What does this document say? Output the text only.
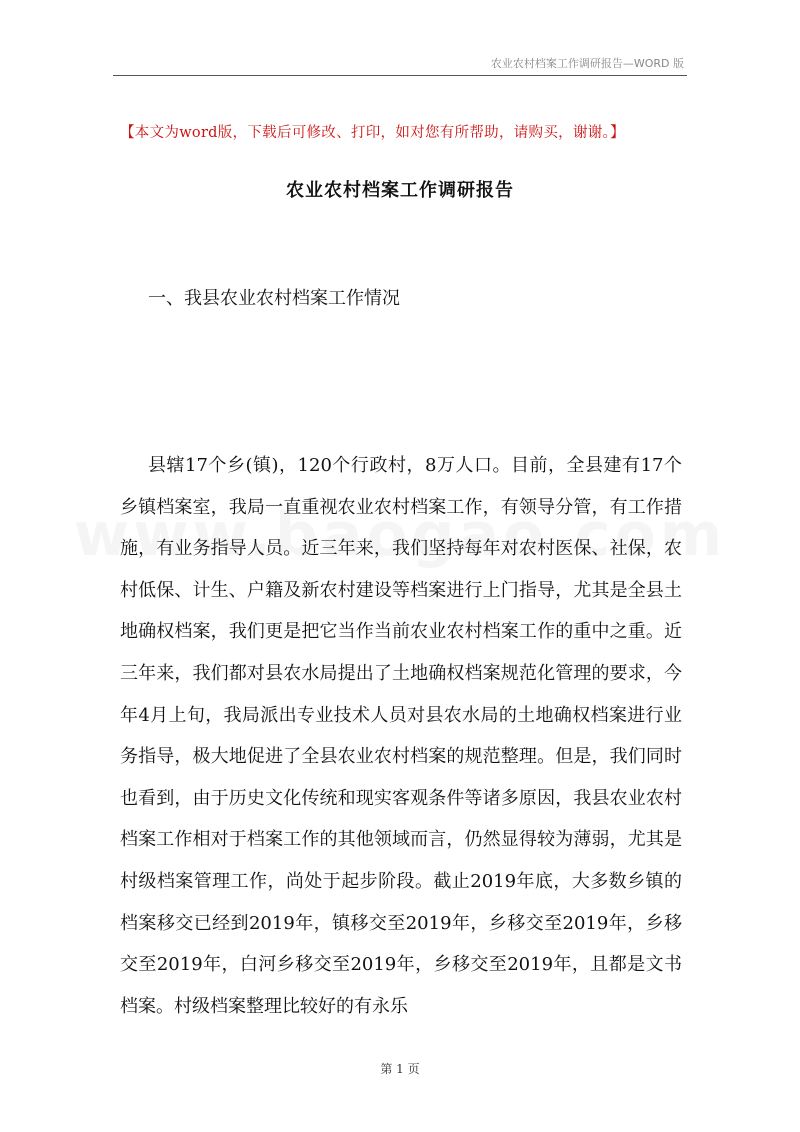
农业农村档案工作调研报告—WORD 版
【本文为word版，下载后可修改、打印，如对您有所帮助，请购买，谢谢。】
农业农村档案工作调研报告
一、我县农业农村档案工作情况

县辖17个乡(镇)，120个行政村，8万人口。目前，全县建有17个乡镇档案室，我局一直重视农业农村档案工作，有领导分管，有工作措施，有业务指导人员。近三年来，我们坚持每年对农村医保、社保，农村低保、计生、户籍及新农村建设等档案进行上门指导，尤其是全县土地确权档案，我们更是把它当作当前农业农村档案工作的重中之重。近三年来，我们都对县农水局提出了土地确权档案规范化管理的要求，今年4月上旬，我局派出专业技术人员对县农水局的土地确权档案进行业务指导，极大地促进了全县农业农村档案的规范整理。但是，我们同时也看到，由于历史文化传统和现实客观条件等诸多原因，我县农业农村档案工作相对于档案工作的其他领域而言，仍然显得较为薄弱，尤其是村级档案管理工作，尚处于起步阶段。截止2019年底，大多数乡镇的档案移交已经到2019年，镇移交至2019年，乡移交至2019年，乡移交至2019年，白河乡移交至2019年，乡移交至2019年，且都是文书档案。村级档案整理比较好的有永乐

第 1 页
